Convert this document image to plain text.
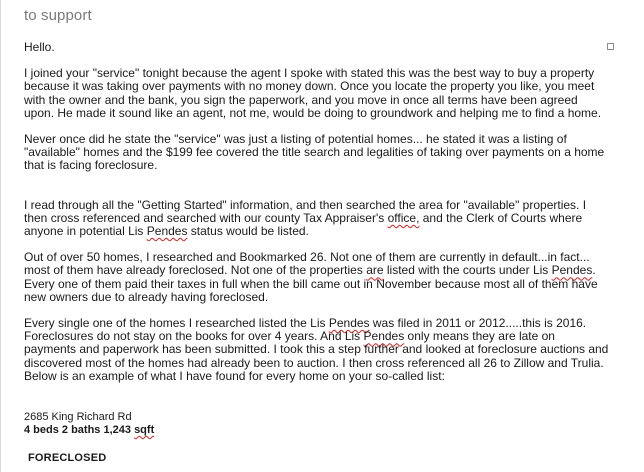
to support

Hello.

I joined your "service" tonight because the agent I spoke with stated this was the best way to buy a property because it was taking over payments with no money down. Once you locate the property you like, you meet with the owner and the bank, you sign the paperwork, and you move in once all terms have been agreed upon. He made it sound like an agent, not me, would be doing to groundwork and helping me to find a home.

Never once did he state the "service" was just a listing of potential homes... he stated it was a listing of "available" homes and the $199 fee covered the title search and legalities of taking over payments on a home that is facing foreclosure.

I read through all the "Getting Started" information, and then searched the area for "available" properties. I then cross referenced and searched with our county Tax Appraiser's office, and the Clerk of Courts where anyone in potential Lis Pendes status would be listed.

Out of over 50 homes, I researched and Bookmarked 26. Not one of them are currently in default...in fact... most of them have already foreclosed. Not one of the properties are listed with the courts under Lis Pendes. Every one of them paid their taxes in full when the bill came out in November because most all of them have new owners due to already having foreclosed.

Every single one of the homes I researched listed the Lis Pendes was filed in 2011 or 2012.....this is 2016. Foreclosures do not stay on the books for over 4 years. And Lis Pendes only means they are late on payments and paperwork has been submitted. I took this a step further and looked at foreclosure auctions and discovered most of the homes had already been to auction. I then cross referenced all 26 to Zillow and Trulia. Below is an example of what I have found for every home on your so-called list:

2685 King Richard Rd
4 beds 2 baths 1,243 sqft
FORECLOSED
